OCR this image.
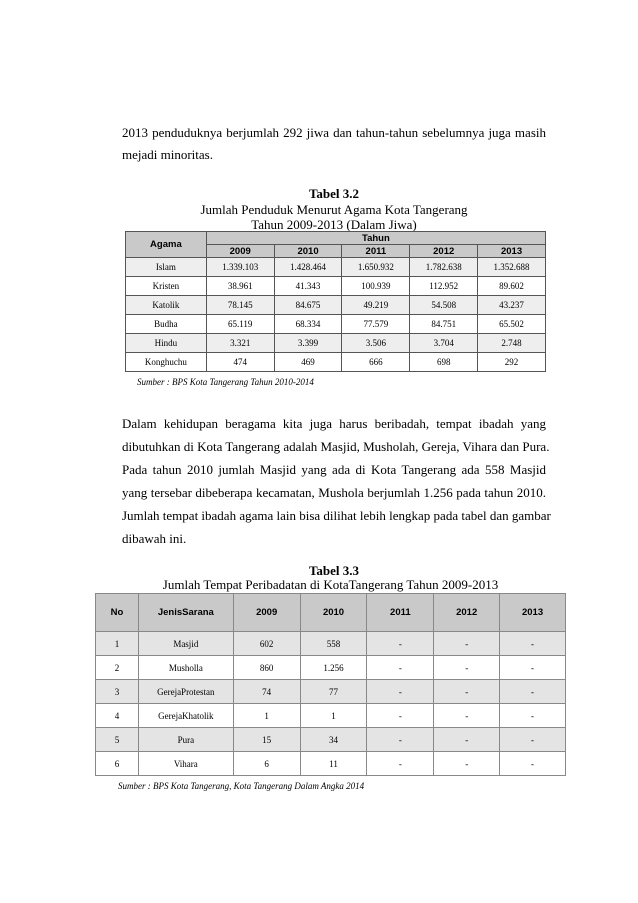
2013 penduduknya berjumlah 292 jiwa dan tahun-tahun sebelumnya juga masih
mejadi minoritas.
Tabel 3.2
Jumlah Penduduk Menurut Agama Kota Tangerang
Tahun 2009-2013 (Dalam Jiwa)
Agama	Tahun				
	2009	2010	2011	2012	2013
Islam	1.339.103	1.428.464	1.650.932	1.782.638	1.352.688
Kristen	38.961	41.343	100.939	112.952	89.602
Katolik	78.145	84.675	49.219	54.508	43.237
Budha	65.119	68.334	77.579	84.751	65.502
Hindu	3.321	3.399	3.506	3.704	2.748
Konghuchu	474	469	666	698	292
Sumber : BPS Kota Tangerang Tahun 2010-2014
Dalam kehidupan beragama kita juga harus beribadah, tempat ibadah yang
dibutuhkan di Kota Tangerang adalah Masjid, Musholah, Gereja, Vihara dan Pura.
Pada tahun 2010 jumlah Masjid yang ada di Kota Tangerang ada 558 Masjid
yang tersebar dibeberapa kecamatan, Mushola berjumlah 1.256 pada tahun 2010.
Jumlah tempat ibadah agama lain bisa dilihat lebih lengkap pada tabel dan gambar
dibawah ini.
Tabel 3.3
Jumlah Tempat Peribadatan di KotaTangerang Tahun 2009-2013
No	JenisSarana	2009	2010	2011	2012	2013
1	Masjid	602	558	-	-	-
2	Musholla	860	1.256	-	-	-
3	GerejaProtestan	74	77	-	-	-
4	GerejaKhatolik	1	1	-	-	-
5	Pura	15	34	-	-	-
6	Vihara	6	11	-	-	-
Sumber : BPS Kota Tangerang, Kota Tangerang Dalam Angka 2014
